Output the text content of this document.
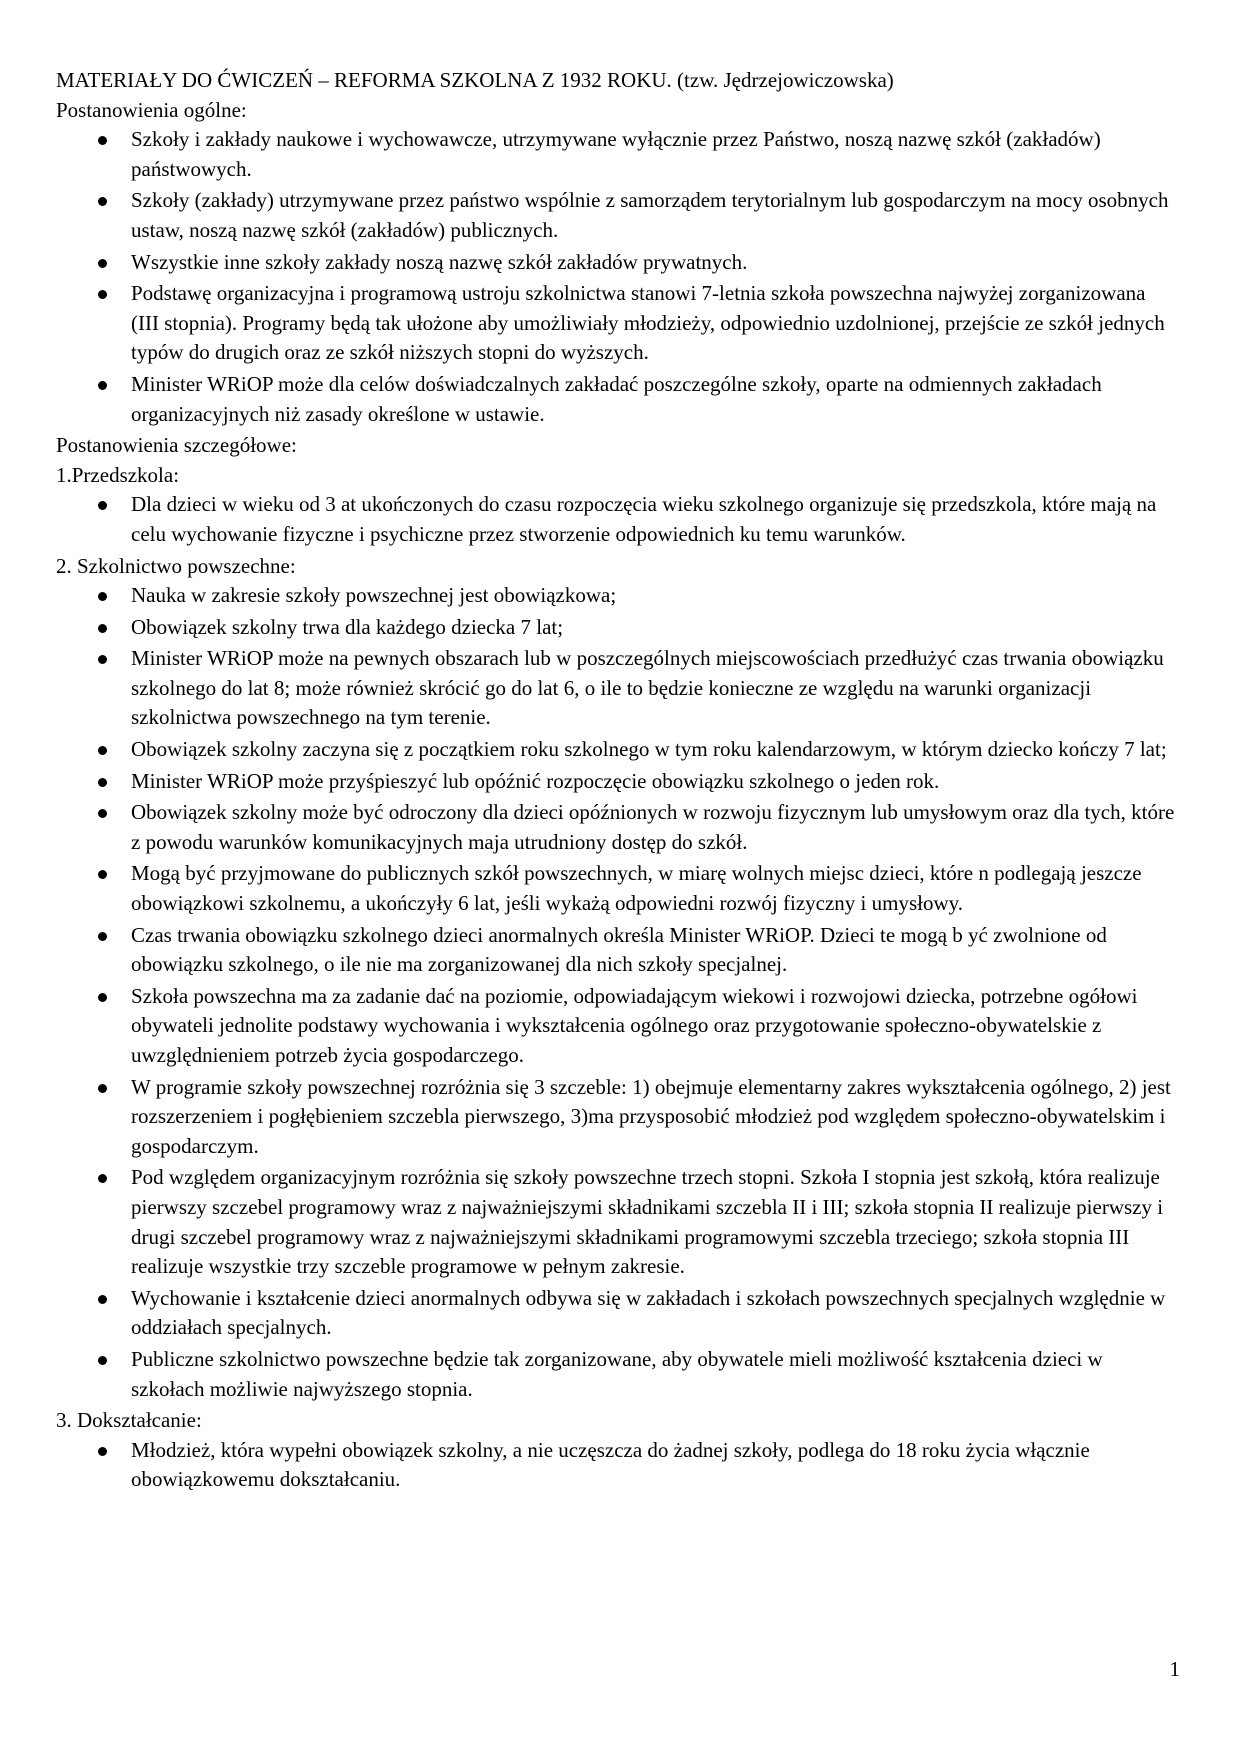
MATERIAŁY DO ĆWICZEŃ – REFORMA SZKOLNA Z 1932 ROKU. (tzw. Jędrzejowiczowska)

Postanowienia ogólne:

Szkoły i zakłady naukowe i wychowawcze, utrzymywane wyłącznie przez Państwo, noszą nazwę szkół (zakładów) państwowych.
Szkoły (zakłady) utrzymywane przez państwo wspólnie z samorządem terytorialnym lub gospodarczym na mocy osobnych ustaw, noszą nazwę szkół (zakładów) publicznych.
Wszystkie inne szkoły zakłady noszą nazwę szkół zakładów prywatnych.
Podstawę organizacyjna i programową ustroju szkolnictwa stanowi 7-letnia szkoła powszechna najwyżej zorganizowana (III stopnia). Programy będą tak ułożone aby umożliwiały młodzieży, odpowiednio uzdolnionej, przejście ze szkół jednych typów do drugich oraz ze szkół niższych stopni do wyższych.
Minister WRiOP może dla celów doświadczalnych zakładać poszczególne szkoły, oparte na odmiennych zakładach organizacyjnych niż zasady określone w ustawie.

Postanowienia szczegółowe:

1.Przedszkola:

Dla dzieci w wieku od 3 at ukończonych do czasu rozpoczęcia wieku szkolnego organizuje się przedszkola, które mają na celu wychowanie fizyczne i psychiczne przez stworzenie odpowiednich ku temu warunków.

2. Szkolnictwo powszechne:

Nauka w zakresie szkoły powszechnej jest obowiązkowa;
Obowiązek szkolny trwa dla każdego dziecka 7 lat;
Minister WRiOP może na pewnych obszarach lub w poszczególnych miejscowościach przedłużyć czas trwania obowiązku szkolnego do lat 8; może również skrócić go do lat 6, o ile to będzie konieczne ze względu na warunki organizacji szkolnictwa powszechnego na tym terenie.
Obowiązek szkolny zaczyna się z początkiem roku szkolnego w tym roku kalendarzowym, w którym dziecko kończy 7 lat;
Minister WRiOP może przyśpieszyć lub opóźnić rozpoczęcie obowiązku szkolnego o jeden rok.
Obowiązek szkolny może być odroczony dla dzieci opóźnionych w rozwoju fizycznym lub umysłowym oraz dla tych, które z powodu warunków komunikacyjnych maja utrudniony dostęp do szkół.
Mogą być przyjmowane do publicznych szkół powszechnych, w miarę wolnych miejsc dzieci, które n podlegają jeszcze obowiązkowi szkolnemu, a ukończyły 6 lat, jeśli wykażą odpowiedni rozwój fizyczny i umysłowy.
Czas trwania obowiązku szkolnego dzieci anormalnych określa Minister WRiOP. Dzieci te mogą b yć zwolnione od obowiązku szkolnego, o ile nie ma zorganizowanej dla nich szkoły specjalnej.
Szkoła powszechna ma za zadanie dać na poziomie, odpowiadającym wiekowi i rozwojowi dziecka, potrzebne ogółowi obywateli jednolite podstawy wychowania i wykształcenia ogólnego oraz przygotowanie społeczno-obywatelskie z uwzględnieniem potrzeb życia gospodarczego.
W programie szkoły powszechnej rozróżnia się 3 szczeble: 1) obejmuje elementarny zakres wykształcenia ogólnego, 2) jest rozszerzeniem i pogłębieniem szczebla pierwszego, 3)ma przysposobić młodzież pod względem społeczno-obywatelskim i gospodarczym.
Pod względem organizacyjnym rozróżnia się szkoły powszechne trzech stopni. Szkoła I stopnia jest szkołą, która realizuje pierwszy szczebel programowy wraz z najważniejszymi składnikami szczebla II i III; szkoła stopnia II realizuje pierwszy i drugi szczebel programowy wraz z najważniejszymi składnikami programowymi szczebla trzeciego; szkoła stopnia III realizuje wszystkie trzy szczeble programowe w pełnym zakresie.
Wychowanie i kształcenie dzieci anormalnych odbywa się w zakładach i szkołach powszechnych specjalnych względnie w oddziałach specjalnych.
Publiczne szkolnictwo powszechne będzie tak zorganizowane, aby obywatele mieli możliwość kształcenia dzieci w szkołach możliwie najwyższego stopnia.

3. Dokształcanie:

Młodzież, która wypełni obowiązek szkolny, a nie uczęszcza do żadnej szkoły, podlega do 18 roku życia włącznie obowiązkowemu dokształcaniu.
1
